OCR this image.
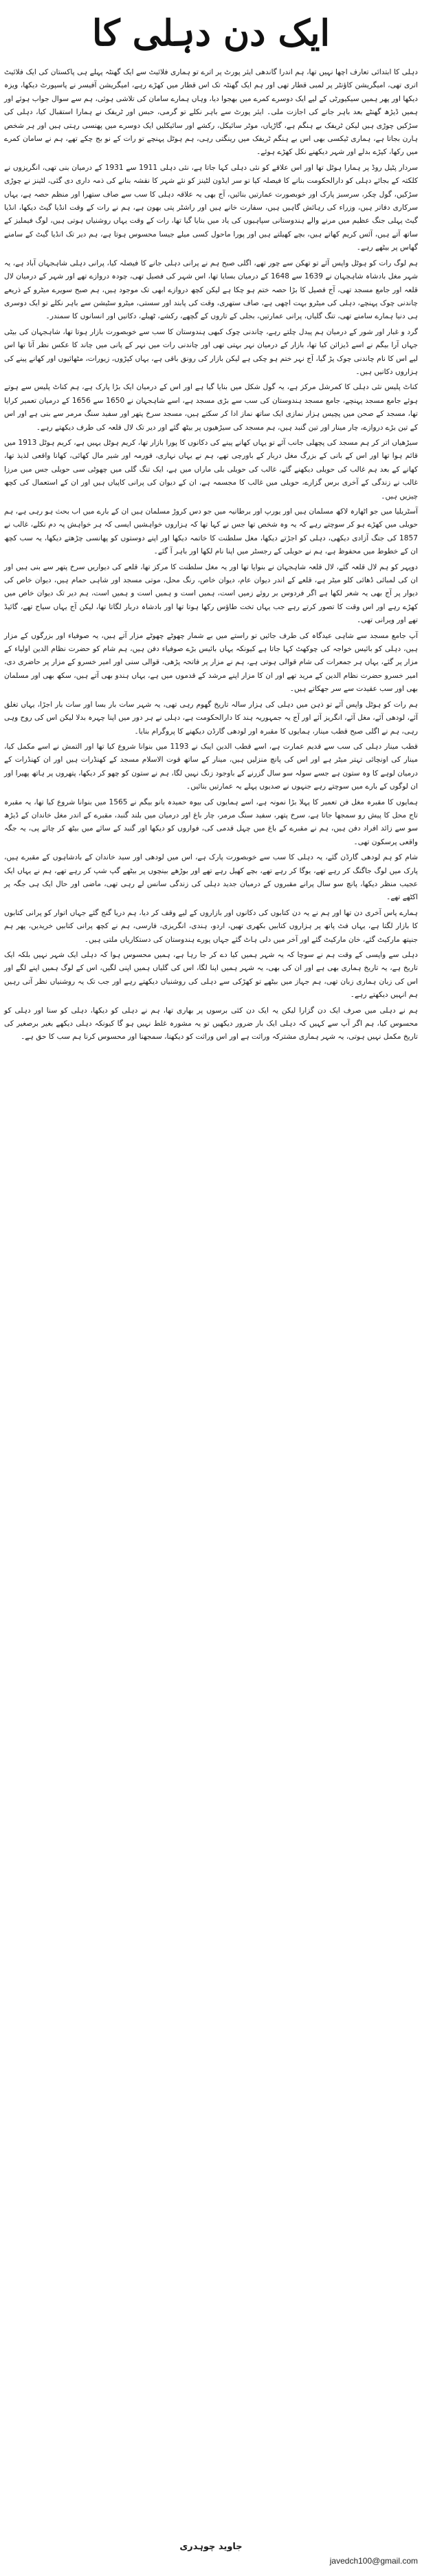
ایک دن دہلی کا

دہلی کا ابتدائی تعارف اچھا نہیں تھا، ہم اندرا گاندھی ایئر پورٹ پر اترے تو ہماری فلائیٹ سے ایک گھنٹہ پہلے ہی پاکستان کی ایک فلائیٹ اتری تھی، امیگریشن کاؤنٹر پر لمبی قطار تھی اور ہم ایک گھنٹہ تک اس قطار میں کھڑے رہے، امیگریشن آفیسر نے پاسپورٹ دیکھا، ویزہ دیکھا اور پھر ہمیں سیکیورٹی کے لیے ایک دوسرے کمرے میں بھجوا دیا، وہاں ہمارے سامان کی تلاشی ہوئی، ہم سے سوال جواب ہوئے اور ہمیں ڈیڑھ گھنٹے بعد باہر جانے کی اجازت ملی۔ ایئر پورٹ سے باہر نکلے تو گرمی، حبس اور ٹریفک نے ہمارا استقبال کیا، دہلی کی سڑکیں چوڑی ہیں لیکن ٹریفک بے ہنگم ہے، گاڑیاں، موٹر سائیکل، رکشے اور سائیکلیں ایک دوسرے میں پھنسی رہتی ہیں اور ہر شخص ہارن بجاتا ہے، ہماری ٹیکسی بھی اس بے ہنگم ٹریفک میں رینگتی رہی، ہم ہوٹل پہنچے تو رات کے نو بج چکے تھے، ہم نے سامان کمرے میں رکھا، کپڑے بدلے اور شہر دیکھنے نکل کھڑے ہوئے۔

سردار پٹیل روڈ پر ہمارا ہوٹل تھا اور اس علاقے کو نئی دہلی کہا جاتا ہے، نئی دہلی 1911 سے 1931 کے درمیان بنی تھی، انگریزوں نے کلکتہ کے بجائے دہلی کو دارالحکومت بنانے کا فیصلہ کیا تو سر ایڈون لٹینز کو نئے شہر کا نقشہ بنانے کی ذمہ داری دی گئی، لٹینز نے چوڑی سڑکیں، گول چکر، سرسبز پارک اور خوبصورت عمارتیں بنائیں، آج بھی یہ علاقہ دہلی کا سب سے صاف ستھرا اور منظم حصہ ہے، یہاں سرکاری دفاتر ہیں، وزراء کی رہائش گاہیں ہیں، سفارت خانے ہیں اور راشٹر پتی بھون ہے، ہم نے رات کے وقت انڈیا گیٹ دیکھا، انڈیا گیٹ پہلی جنگ عظیم میں مرنے والے ہندوستانی سپاہیوں کی یاد میں بنایا گیا تھا، رات کے وقت یہاں روشنیاں ہوتی ہیں، لوگ فیملیز کے ساتھ آتے ہیں، آئس کریم کھاتے ہیں، بچے کھیلتے ہیں اور پورا ماحول کسی میلے جیسا محسوس ہوتا ہے، ہم دیر تک انڈیا گیٹ کے سامنے گھاس پر بیٹھے رہے۔

ہم لوگ رات کو ہوٹل واپس آئے تو تھکن سے چور تھے، اگلی صبح ہم نے پرانی دہلی جانے کا فیصلہ کیا، پرانی دہلی شاہجہان آباد ہے، یہ شہر مغل بادشاہ شاہجہان نے 1639 سے 1648 کے درمیان بسایا تھا، اس شہر کی فصیل تھی، چودہ دروازے تھے اور شہر کے درمیان لال قلعہ اور جامع مسجد تھی، آج فصیل کا بڑا حصہ ختم ہو چکا ہے لیکن کچھ دروازے ابھی تک موجود ہیں، ہم صبح سویرے میٹرو کے ذریعے چاندنی چوک پہنچے، دہلی کی میٹرو بہت اچھی ہے، صاف ستھری، وقت کی پابند اور سستی، میٹرو سٹیشن سے باہر نکلے تو ایک دوسری ہی دنیا ہمارے سامنے تھی، تنگ گلیاں، پرانی عمارتیں، بجلی کے تاروں کے گچھے، رکشے، ٹھیلے، دکانیں اور انسانوں کا سمندر۔

گرد و غبار اور شور کے درمیان ہم پیدل چلتے رہے، چاندنی چوک کبھی ہندوستان کا سب سے خوبصورت بازار ہوتا تھا، شاہجہان کی بیٹی جہاں آرا بیگم نے اسے ڈیزائن کیا تھا، بازار کے درمیان نہر بہتی تھی اور چاندنی رات میں نہر کے پانی میں چاند کا عکس نظر آتا تھا اس لیے اس کا نام چاندنی چوک پڑ گیا، آج نہر ختم ہو چکی ہے لیکن بازار کی رونق باقی ہے، یہاں کپڑوں، زیورات، مٹھائیوں اور کھانے پینے کی ہزاروں دکانیں ہیں۔

کناٹ پلیس نئی دہلی کا کمرشل مرکز ہے، یہ گول شکل میں بنایا گیا ہے اور اس کے درمیان ایک بڑا پارک ہے، ہم کناٹ پلیس سے ہوتے ہوئے جامع مسجد پہنچے، جامع مسجد ہندوستان کی سب سے بڑی مسجد ہے، اسے شاہجہان نے 1650 سے 1656 کے درمیان تعمیر کرایا تھا، مسجد کے صحن میں پچیس ہزار نمازی ایک ساتھ نماز ادا کر سکتے ہیں، مسجد سرخ پتھر اور سفید سنگ مرمر سے بنی ہے اور اس کے تین بڑے دروازے، چار مینار اور تین گنبد ہیں، ہم مسجد کی سیڑھیوں پر بیٹھ گئے اور دیر تک لال قلعہ کی طرف دیکھتے رہے۔

سیڑھیاں اتر کر ہم مسجد کی پچھلی جانب آئے تو یہاں کھانے پینے کی دکانوں کا پورا بازار تھا، کریم ہوٹل یہیں ہے، کریم ہوٹل 1913 میں قائم ہوا تھا اور اس کے بانی کے بزرگ مغل دربار کے باورچی تھے، ہم نے یہاں نہاری، قورمہ اور شیر مال کھائی، کھانا واقعی لذیذ تھا، کھانے کے بعد ہم غالب کی حویلی دیکھنے گئے، غالب کی حویلی بلی ماراں میں ہے، ایک تنگ گلی میں چھوٹی سی حویلی جس میں مرزا غالب نے زندگی کے آخری برس گزارے، حویلی میں غالب کا مجسمہ ہے، ان کے دیوان کی پرانی کاپیاں ہیں اور ان کے استعمال کی کچھ چیزیں ہیں۔

آسٹریلیا میں جو اٹھارہ لاکھ مسلمان ہیں اور یورپ اور برطانیہ میں جو دس کروڑ مسلمان ہیں ان کے بارے میں اب بحث ہو رہی ہے، ہم حویلی میں کھڑے ہو کر سوچتے رہے کہ یہ وہ شخص تھا جس نے کہا تھا کہ ہزاروں خواہشیں ایسی کہ ہر خواہش پہ دم نکلے، غالب نے 1857 کی جنگ آزادی دیکھی، دہلی کو اجڑتے دیکھا، مغل سلطنت کا خاتمہ دیکھا اور اپنے دوستوں کو پھانسی چڑھتے دیکھا، یہ سب کچھ ان کے خطوط میں محفوظ ہے، ہم نے حویلی کے رجسٹر میں اپنا نام لکھا اور باہر آ گئے۔

دوپہر کو ہم لال قلعہ گئے، لال قلعہ شاہجہان نے بنوایا تھا اور یہ مغل سلطنت کا مرکز تھا، قلعے کی دیواریں سرخ پتھر سے بنی ہیں اور ان کی لمبائی ڈھائی کلو میٹر ہے، قلعے کے اندر دیوان عام، دیوان خاص، رنگ محل، موتی مسجد اور شاہی حمام ہیں، دیوان خاص کی دیوار پر آج بھی یہ شعر لکھا ہے اگر فردوس بر روئے زمیں است، ہمیں است و ہمیں است و ہمیں است، ہم دیر تک دیوان خاص میں کھڑے رہے اور اس وقت کا تصور کرتے رہے جب یہاں تخت طاؤس رکھا ہوتا تھا اور بادشاہ دربار لگاتا تھا، لیکن آج یہاں سیاح تھے، گائیڈ تھے اور ویرانی تھی۔

آپ جامع مسجد سے شاہی عیدگاہ کی طرف جائیں تو راستے میں بے شمار چھوٹے چھوٹے مزار آتے ہیں، یہ صوفیاء اور بزرگوں کے مزار ہیں، دہلی کو بائیس خواجہ کی چوکھٹ کہا جاتا ہے کیونکہ یہاں بائیس بڑے صوفیاء دفن ہیں، ہم شام کو حضرت نظام الدین اولیاء کے مزار پر گئے، یہاں ہر جمعرات کی شام قوالی ہوتی ہے، ہم نے مزار پر فاتحہ پڑھی، قوالی سنی اور امیر خسرو کے مزار پر حاضری دی، امیر خسرو حضرت نظام الدین کے مرید تھے اور ان کا مزار اپنے مرشد کے قدموں میں ہے، یہاں ہندو بھی آتے ہیں، سکھ بھی اور مسلمان بھی اور سب عقیدت سے سر جھکاتے ہیں۔

ہم رات کو ہوٹل واپس آئے تو ذہن میں دہلی کی ہزار سالہ تاریخ گھوم رہی تھی، یہ شہر سات بار بسا اور سات بار اجڑا، یہاں تغلق آئے، لودھی آئے، مغل آئے، انگریز آئے اور آج یہ جمہوریہ ہند کا دارالحکومت ہے، دہلی نے ہر دور میں اپنا چہرہ بدلا لیکن اس کی روح وہی رہی، ہم نے اگلی صبح قطب مینار، ہمایوں کا مقبرہ اور لودھی گارڈن دیکھنے کا پروگرام بنایا۔

قطب مینار دہلی کی سب سے قدیم عمارت ہے، اسے قطب الدین ایبک نے 1193 میں بنوانا شروع کیا تھا اور التمش نے اسے مکمل کیا، مینار کی اونچائی تہتر میٹر ہے اور اس کی پانچ منزلیں ہیں، مینار کے ساتھ قوت الاسلام مسجد کے کھنڈرات ہیں اور ان کھنڈرات کے درمیان لوہے کا وہ ستون ہے جسے سولہ سو سال گزرنے کے باوجود زنگ نہیں لگا، ہم نے ستون کو چھو کر دیکھا، پتھروں پر ہاتھ پھیرا اور ان لوگوں کے بارے میں سوچتے رہے جنہوں نے صدیوں پہلے یہ عمارتیں بنائیں۔

ہمایوں کا مقبرہ مغل فن تعمیر کا پہلا بڑا نمونہ ہے، اسے ہمایوں کی بیوہ حمیدہ بانو بیگم نے 1565 میں بنوانا شروع کیا تھا، یہ مقبرہ تاج محل کا پیش رو سمجھا جاتا ہے، سرخ پتھر، سفید سنگ مرمر، چار باغ اور درمیان میں بلند گنبد، مقبرے کے اندر مغل خاندان کے ڈیڑھ سو سے زائد افراد دفن ہیں، ہم نے مقبرے کے باغ میں چہل قدمی کی، فواروں کو دیکھا اور گنبد کے سائے میں بیٹھ کر چائے پی، یہ جگہ واقعی پرسکون تھی۔

شام کو ہم لودھی گارڈن گئے، یہ دہلی کا سب سے خوبصورت پارک ہے، اس میں لودھی اور سید خاندان کے بادشاہوں کے مقبرے ہیں، پارک میں لوگ جاگنگ کر رہے تھے، یوگا کر رہے تھے، بچے کھیل رہے تھے اور بوڑھے بینچوں پر بیٹھے گپ شپ کر رہے تھے، ہم نے یہاں ایک عجیب منظر دیکھا، پانچ سو سال پرانے مقبروں کے درمیان جدید دہلی کی زندگی سانس لے رہی تھی، ماضی اور حال ایک ہی جگہ پر اکٹھے تھے۔

ہمارے پاس آخری دن تھا اور ہم نے یہ دن کتابوں کی دکانوں اور بازاروں کے لیے وقف کر دیا، ہم دریا گنج گئے جہاں اتوار کو پرانی کتابوں کا بازار لگتا ہے، یہاں فٹ پاتھ پر ہزاروں کتابیں بکھری تھیں، اردو، ہندی، انگریزی، فارسی، ہم نے کچھ پرانی کتابیں خریدیں، پھر ہم جنپتھ مارکیٹ گئے، خان مارکیٹ گئے اور آخر میں دلی ہاٹ گئے جہاں پورے ہندوستان کی دستکاریاں ملتی ہیں۔

دہلی سے واپسی کے وقت ہم نے سوچا کہ یہ شہر ہمیں کیا دے کر جا رہا ہے، ہمیں محسوس ہوا کہ دہلی ایک شہر نہیں بلکہ ایک تاریخ ہے، یہ تاریخ ہماری بھی ہے اور ان کی بھی، یہ شہر ہمیں اپنا لگا، اس کی گلیاں ہمیں اپنی لگیں، اس کے لوگ ہمیں اپنے لگے اور اس کی زبان ہماری زبان تھی، ہم جہاز میں بیٹھے تو کھڑکی سے دہلی کی روشنیاں دیکھتے رہے اور جب تک یہ روشنیاں نظر آتی رہیں ہم انہیں دیکھتے رہے۔

ہم نے دہلی میں صرف ایک دن گزارا لیکن یہ ایک دن کئی برسوں پر بھاری تھا، ہم نے دہلی کو دیکھا، دہلی کو سنا اور دہلی کو محسوس کیا، ہم اگر آپ سے کہیں کہ دہلی ایک بار ضرور دیکھیں تو یہ مشورہ غلط نہیں ہو گا کیونکہ دہلی دیکھے بغیر برصغیر کی تاریخ مکمل نہیں ہوتی، یہ شہر ہماری مشترکہ وراثت ہے اور اس وراثت کو دیکھنا، سمجھنا اور محسوس کرنا ہم سب کا حق ہے۔

جاوید چوہدری
javedch100@gmail.com
